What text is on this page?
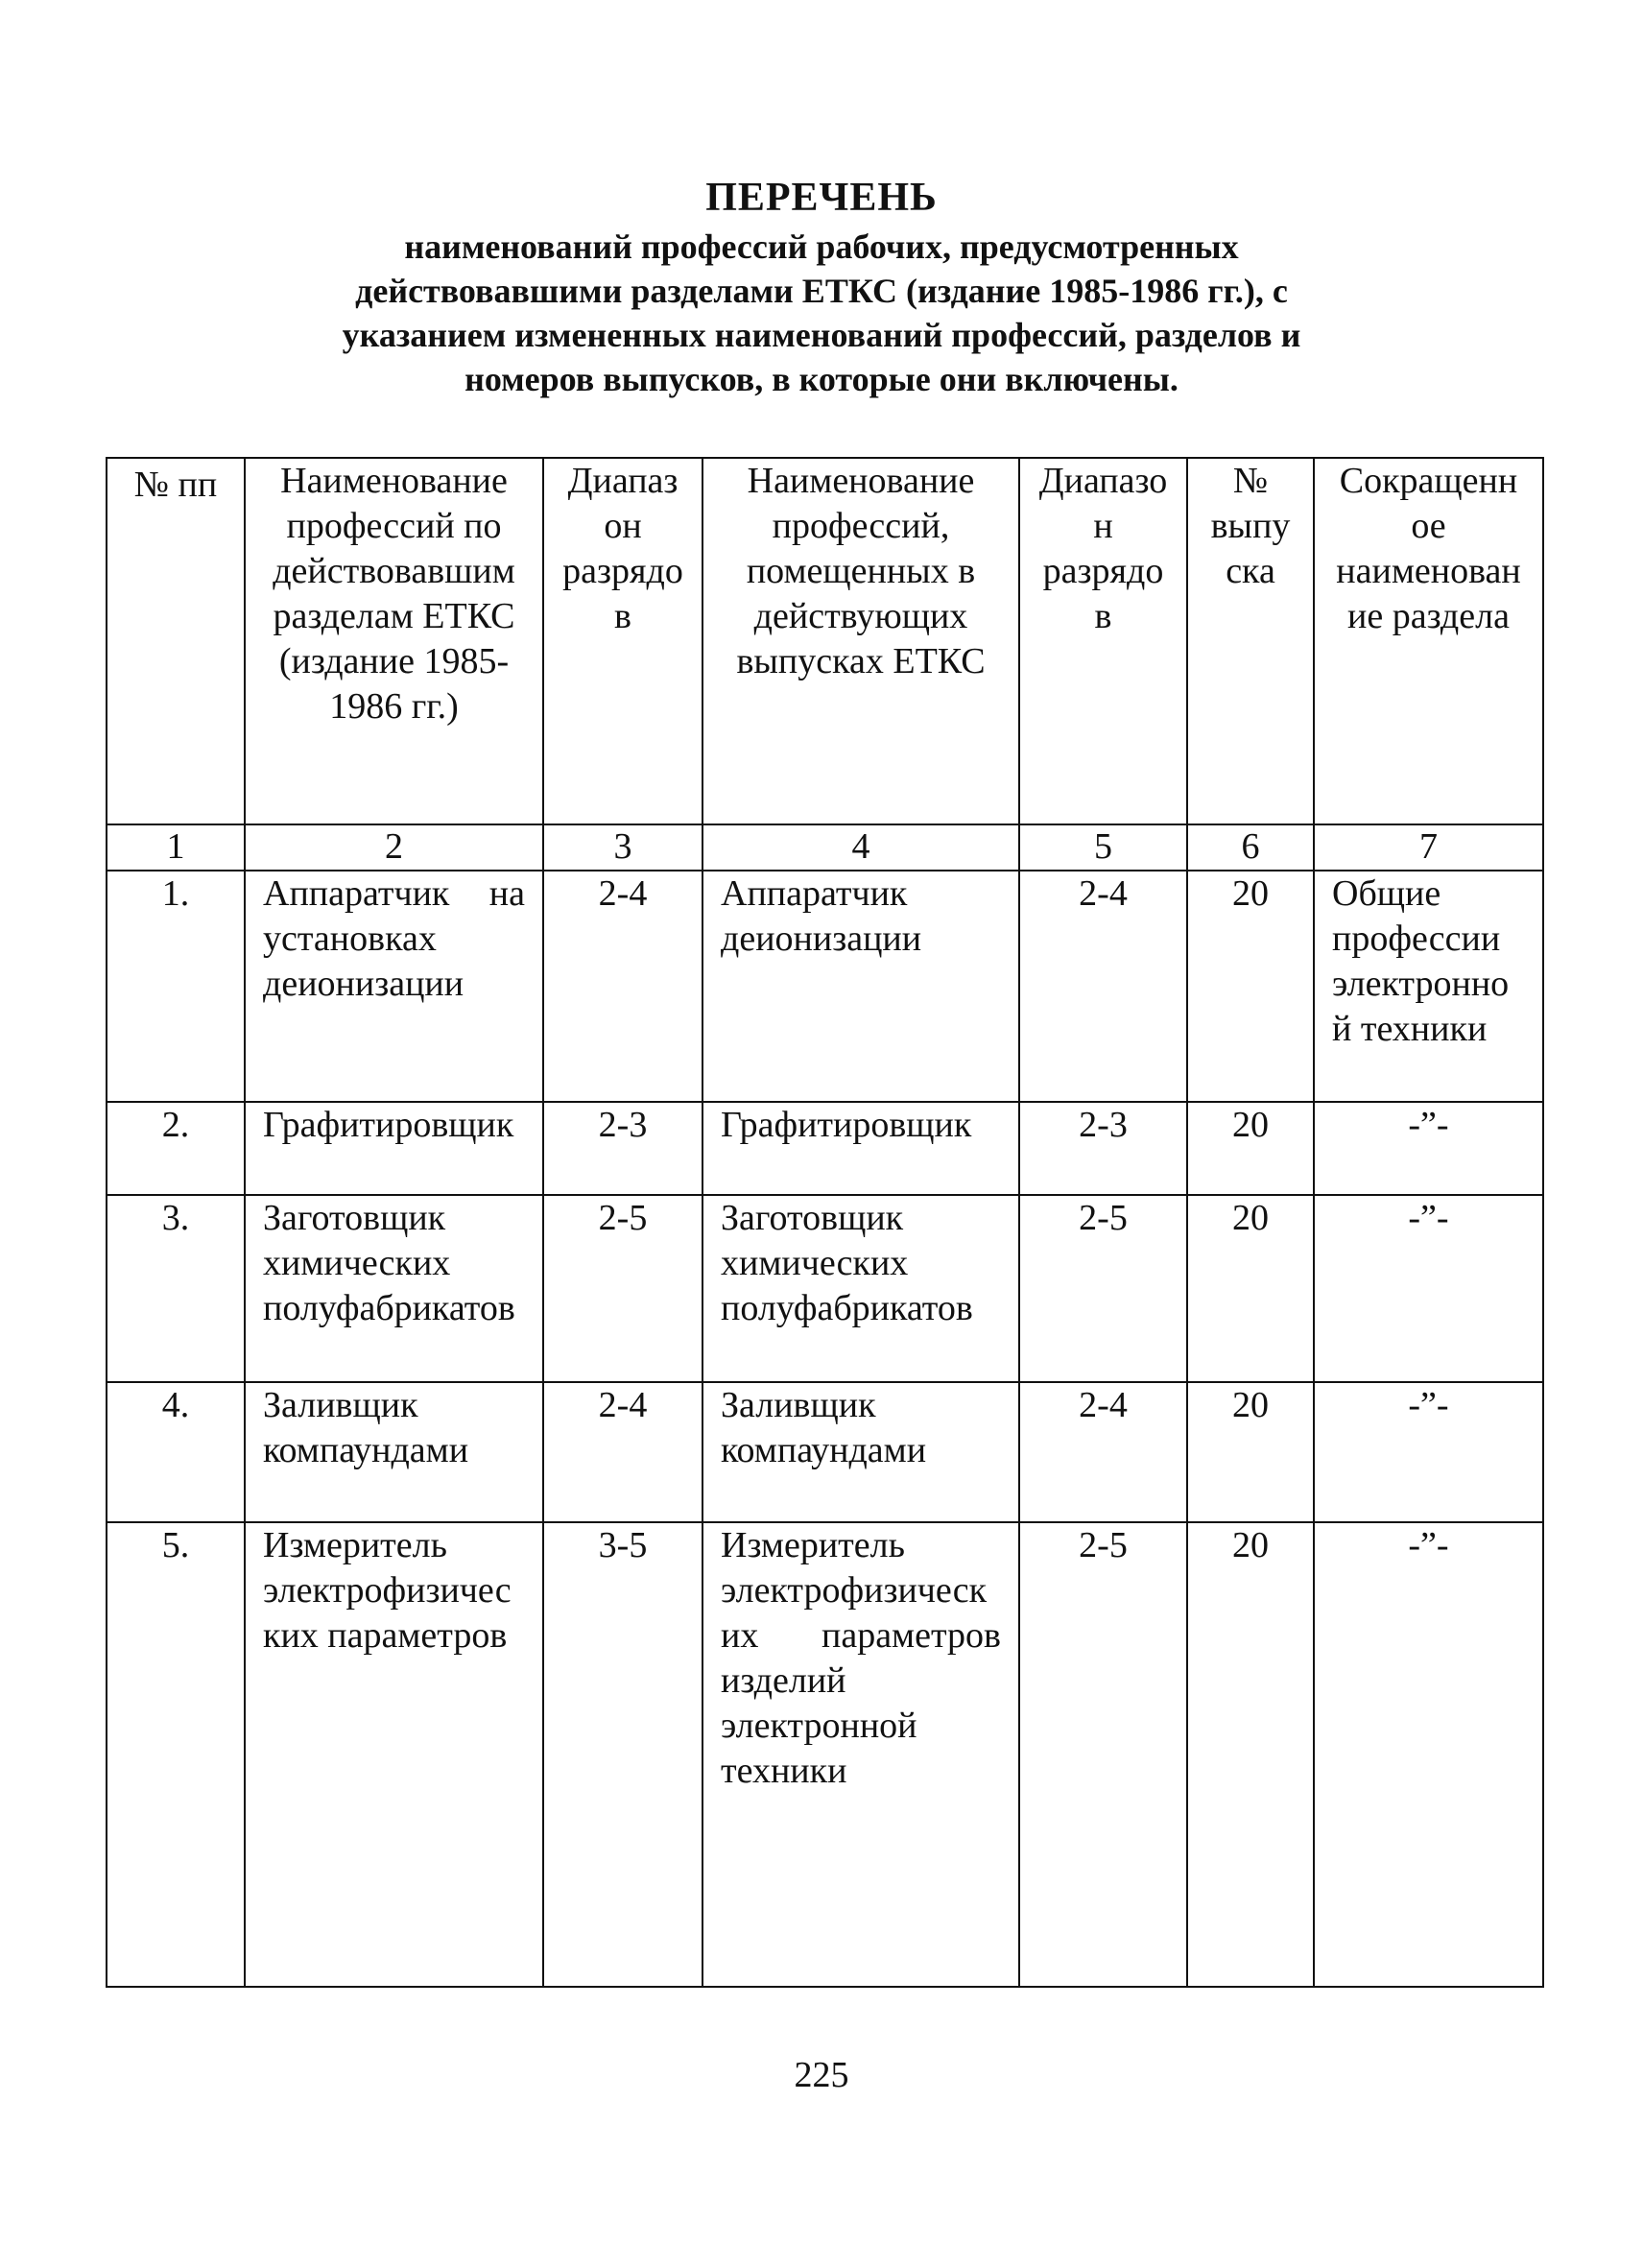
ПЕРЕЧЕНЬ
наименований профессий рабочих, предусмотренных
действовавшими разделами ЕТКС (издание 1985-1986 гг.), с
указанием измененных наименований профессий, разделов и
номеров выпусков, в которые они включены.
№ пп	Наименование профессий по действовавшим разделам ЕТКС (издание 1985-1986 гг.)	Диапазон разрядов	Наименование профессий, помещенных в действующих выпусках ЕТКС	Диапазон разрядов	№ выпуска	Сокращенное наименование раздела
1	2	3	4	5	6	7
1.	Аппаратчик на установках деионизации	2-4	Аппаратчик деионизации	2-4	20	Общие профессии электронной техники
2.	Графитировщик	2-3	Графитировщик	2-3	20	-”-
3.	Заготовщик химических полуфабрикатов	2-5	Заготовщик химических полуфабрикатов	2-5	20	-”-
4.	Заливщик компаундами	2-4	Заливщик компаундами	2-4	20	-”-
5.	Измеритель электрофизических параметров	3-5	Измеритель электрофизических параметров изделий электронной техники	2-5	20	-”-
225
